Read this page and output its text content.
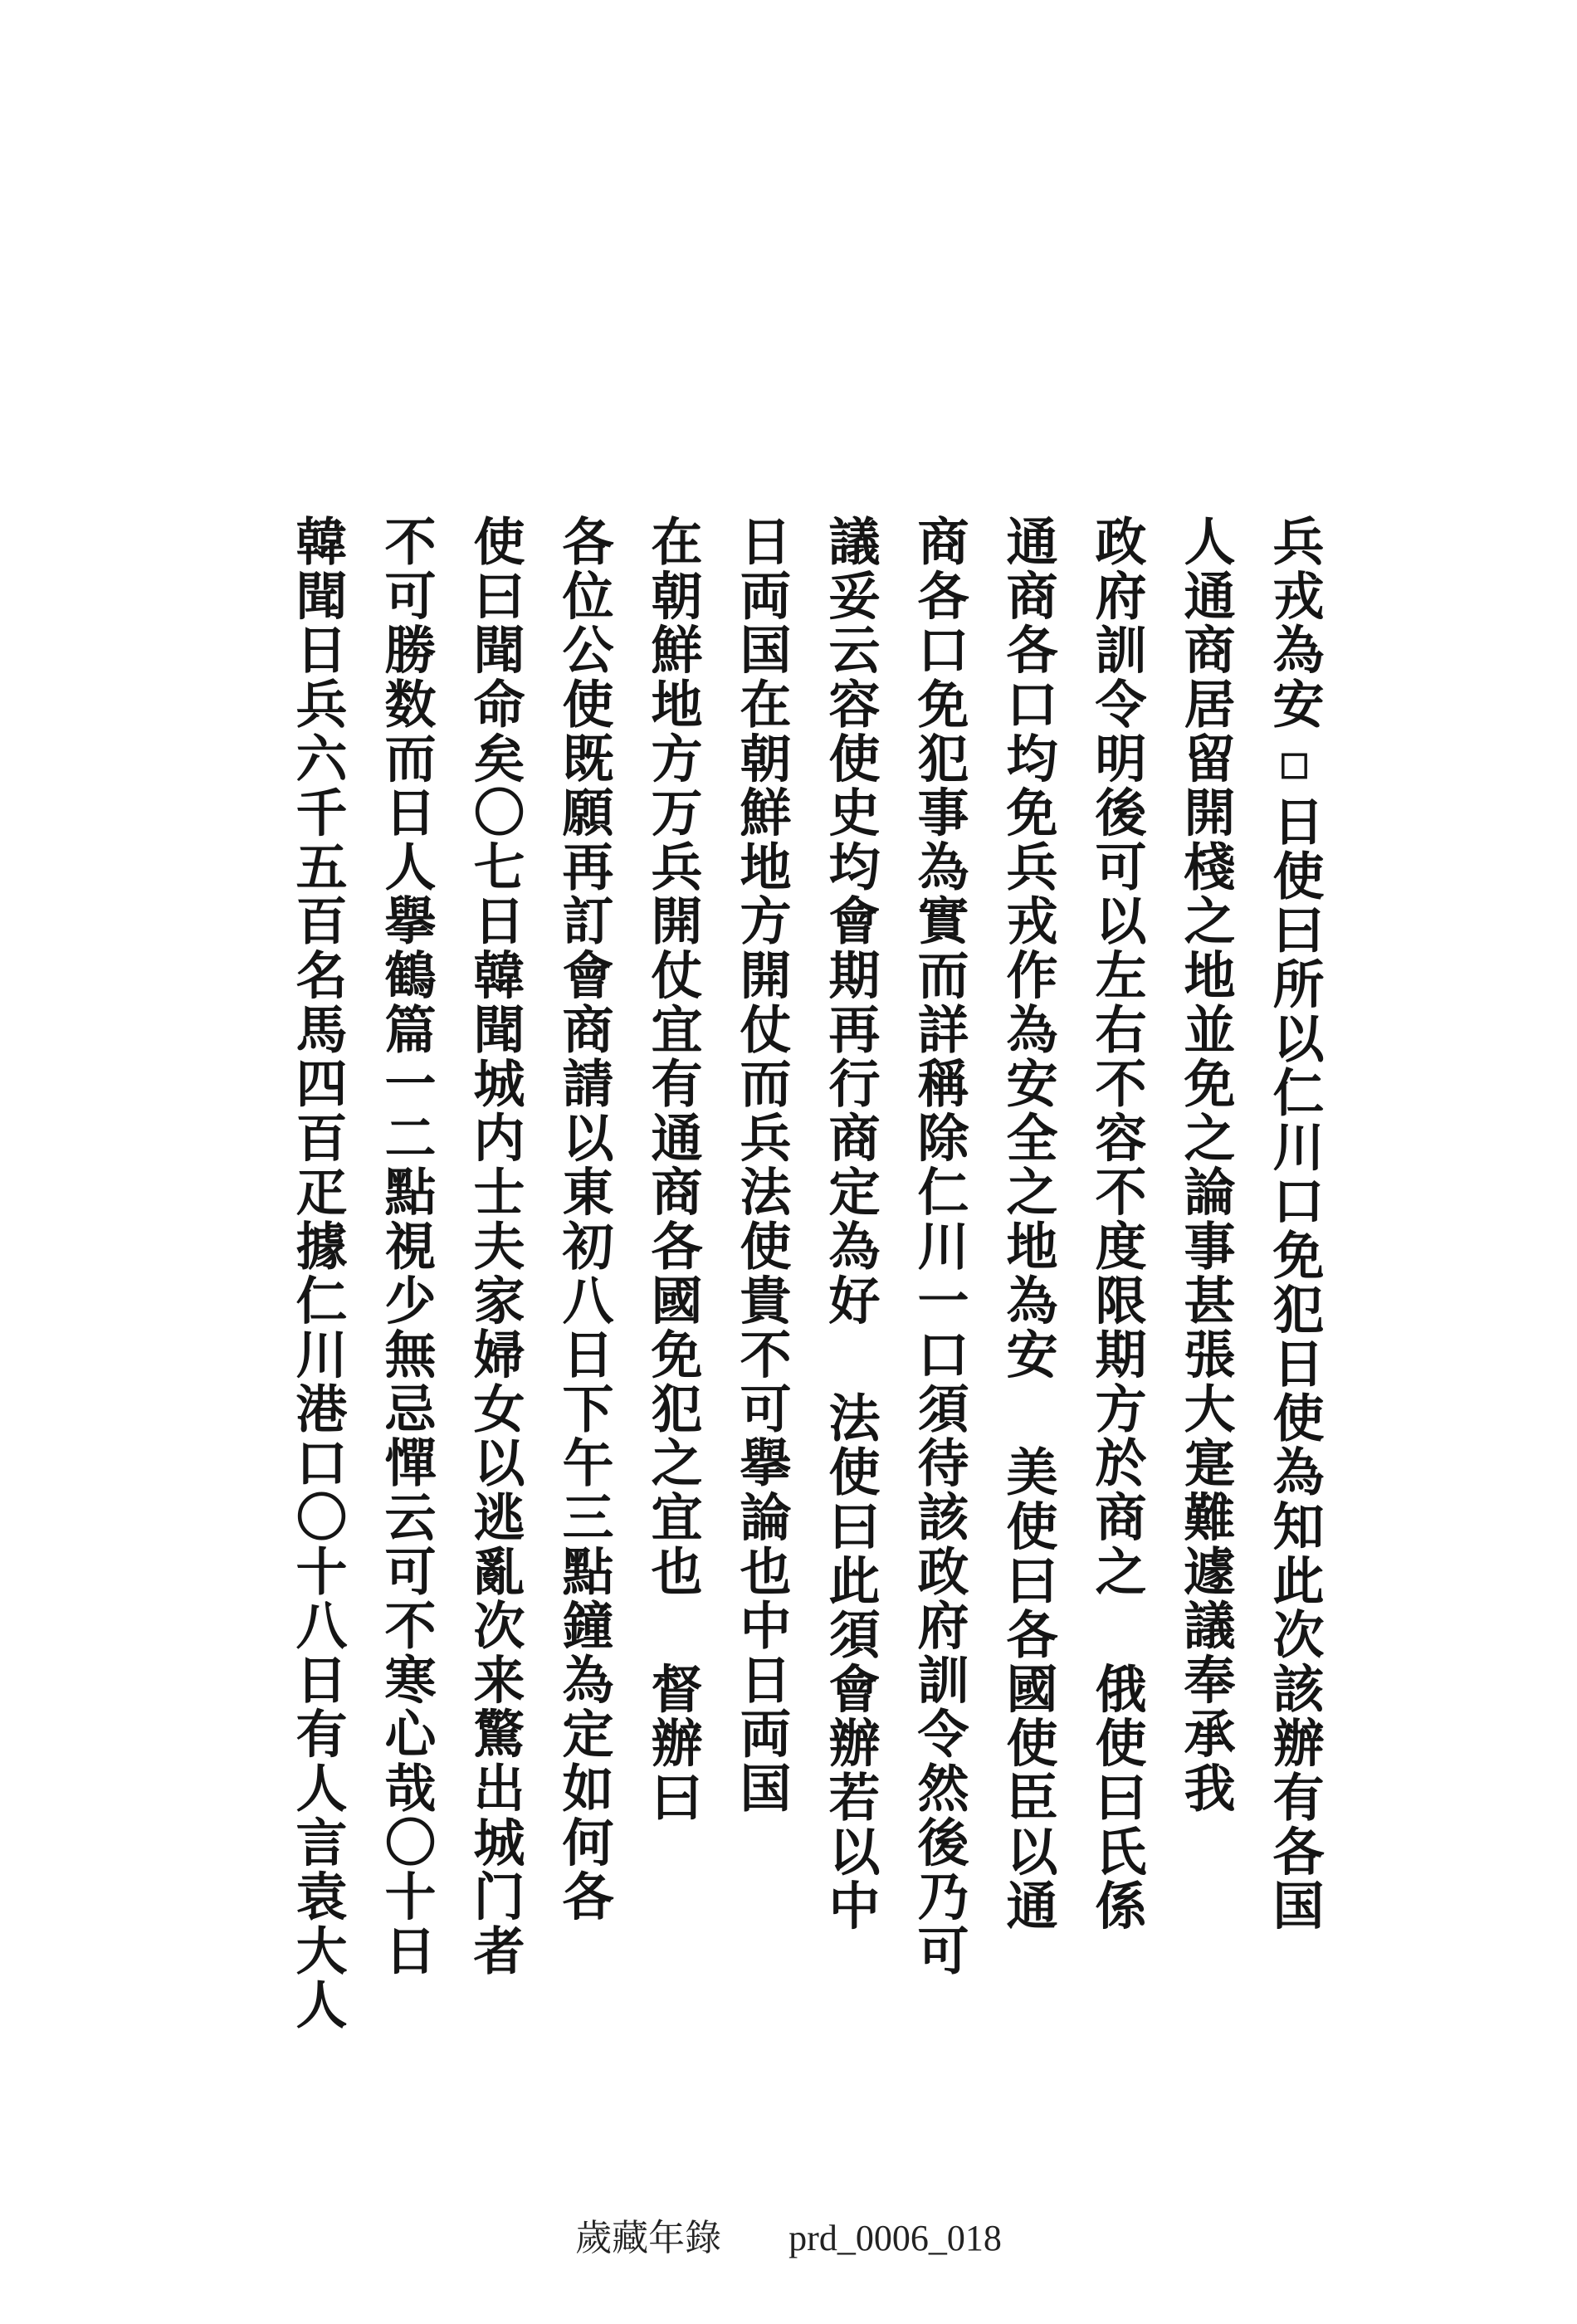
兵戎為安▫日使曰所以仁川口免犯日使為知此次該辦有各国
人通商居留開棧之地並免之論事甚張大寔難遽議奉承我
政府訓令明後可以左右不容不度限期方於商之 俄使曰氏係
通商各口均免兵戎作為安全之地為安 美使曰各國使臣以通
商各口免犯事為實而詳稱除仁川一口須待該政府訓令然後乃可
議妥云容使史均會期再行商定為好 法使曰此須會辦若以中
日両国在朝鮮地方開仗而兵法使貴不可擧論也中日両国
在朝鮮地方万兵開仗宜有通商各國免犯之宜也 督辦曰
各位公使既願再訂會商請以東初八日下午三點鐘為定如何各
使曰聞命矣〇七日韓聞城内士夫家婦女以逃亂次来驚出城门者
不可勝数而日人擧鶴篇一二點視少無忌憚云可不寒心哉〇十日
韓聞日兵六千五百名馬四百疋據仁川港口〇十八日有人言袁大人
歲藏年錄 prd_0006_018
